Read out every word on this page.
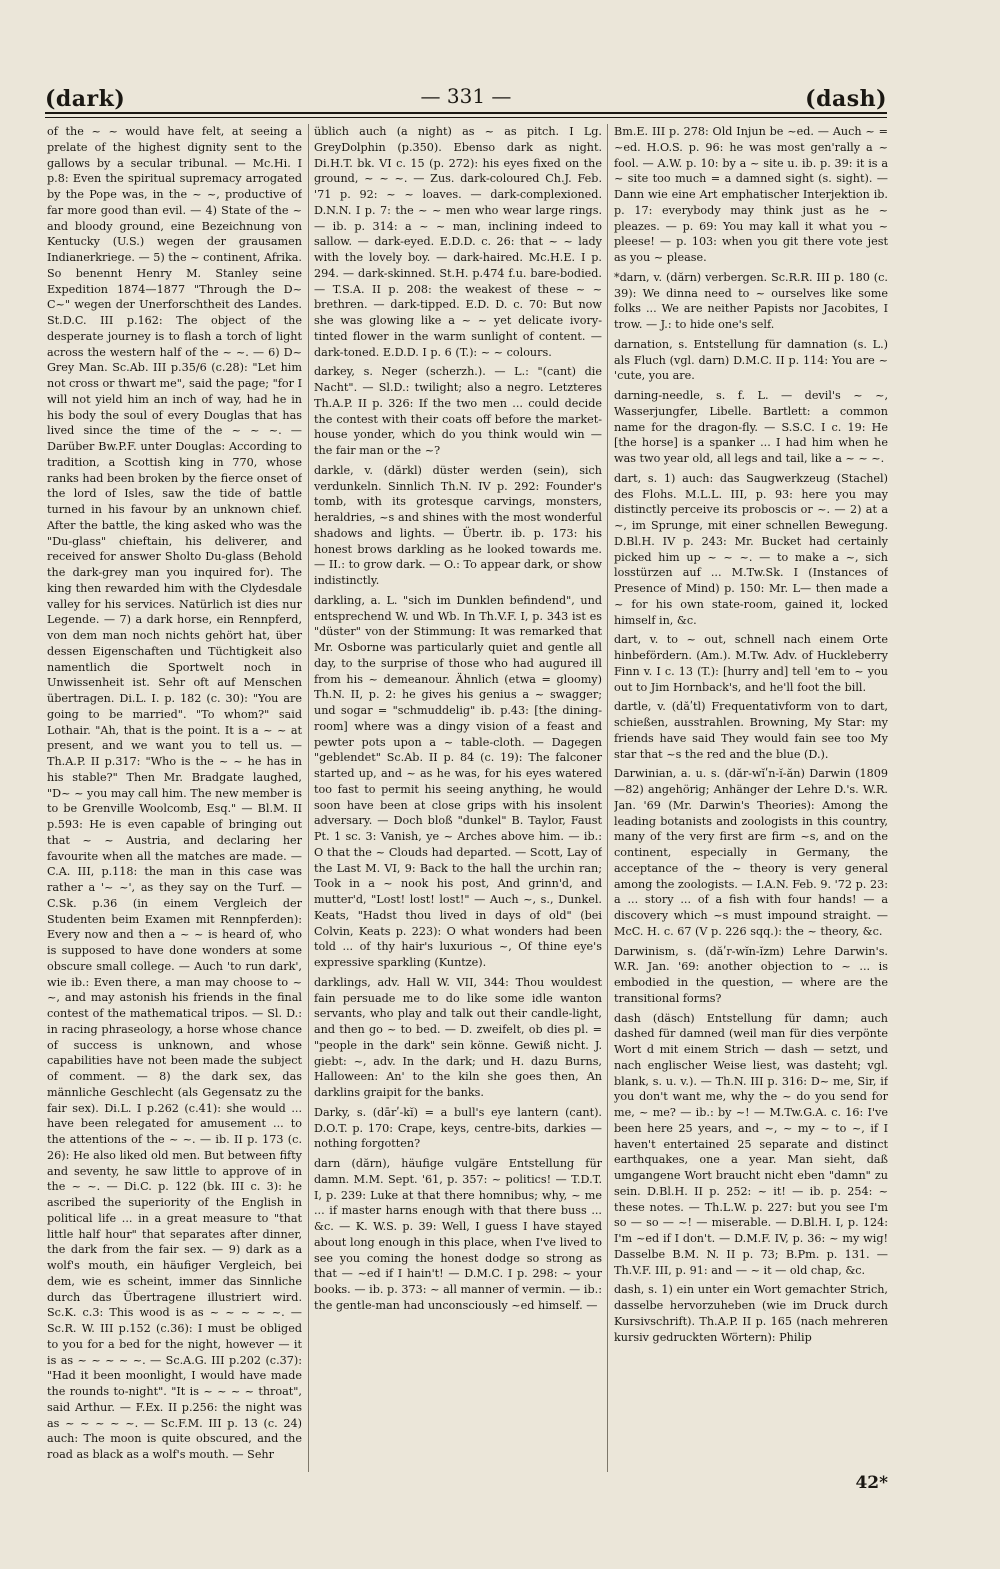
(dark)	— 331 —	(dash)

of the ~ ~ would have felt, at seeing a prelate of the highest dignity sent to the gallows by a secular tribunal. — Mc.Hi. I p.8: Even the spiritual supremacy arrogated by the Pope was, in the ~ ~, productive of far more good than evil. — 4) State of the ~ and bloody ground, eine Bezeichnung von Kentucky (U.S.) wegen der grausamen Indianerkriege. — 5) the ~ continent, Afrika. So benennt Henry M. Stanley seine Expedition 1874—1877 "Through the D~ C~" wegen der Unerforschtheit des Landes. St.D.C. III p.162: The object of the desperate journey is to flash a torch of light across the western half of the ~ ~. — 6) D~ Grey Man. Sc.Ab. III p.35/6 (c.28): "Let him not cross or thwart me", said the page; "for I will not yield him an inch of way, had he in his body the soul of every Douglas that has lived since the time of the ~ ~ ~. — Darüber Bw.P.F. unter Douglas: According to tradition, a Scottish king in 770, whose ranks had been broken by the fierce onset of the lord of Isles, saw the tide of battle turned in his favour by an unknown chief. After the battle, the king asked who was the "Du-glass" chieftain, his deliverer, and received for answer Sholto Du-glass (Behold the dark-grey man you inquired for). The king then rewarded him with the Clydesdale valley for his services. Natürlich ist dies nur Legende. — 7) a dark horse, ein Rennpferd, von dem man noch nichts gehört hat, über dessen Eigenschaften und Tüchtigkeit also namentlich die Sportwelt noch in Unwissenheit ist. Sehr oft auf Menschen übertragen. Di.L. I. p. 182 (c. 30): "You are going to be married". "To whom?" said Lothair. "Ah, that is the point. It is a ~ ~ at present, and we want you to tell us. — Th.A.P. II p.317: "Who is the ~ ~ he has in his stable?" Then Mr. Bradgate laughed, "D~ ~ you may call him. The new member is to be Grenville Woolcomb, Esq." — Bl.M. II p.593: He is even capable of bringing out that ~ ~ Austria, and declaring her favourite when all the matches are made. — C.A. III, p.118: the man in this case was rather a '~ ~', as they say on the Turf. — C.Sk. p.36 (in einem Vergleich der Studenten beim Examen mit Rennpferden): Every now and then a ~ ~ is heard of, who is supposed to have done wonders at some obscure small college. — Auch 'to run dark', wie ib.: Even there, a man may choose to ~ ~, and may astonish his friends in the final contest of the mathematical tripos. — Sl. D.: in racing phraseology, a horse whose chance of success is unknown, and whose capabilities have not been made the subject of comment. — 8) the dark sex, das männliche Geschlecht (als Gegensatz zu the fair sex). Di.L. I p.262 (c.41): she would ... have been relegated for amusement ... to the attentions of the ~ ~. — ib. II p. 173 (c. 26): He also liked old men. But between fifty and seventy, he saw little to approve of in the ~ ~. — Di.C. p. 122 (bk. III c. 3): he ascribed the superiority of the English in political life ... in a great measure to "that little half hour" that separates after dinner, the dark from the fair sex. — 9) dark as a wolf's mouth, ein häufiger Vergleich, bei dem, wie es scheint, immer das Sinnliche durch das Übertragene illustriert wird. Sc.K. c.3: This wood is as ~ ~ ~ ~ ~. — Sc.R. W. III p.152 (c.36): I must be obliged to you for a bed for the night, however — it is as ~ ~ ~ ~ ~. — Sc.A.G. III p.202 (c.37): "Had it been moonlight, I would have made the rounds to-night". "It is ~ ~ ~ ~ throat", said Arthur. — F.Ex. II p.256: the night was as ~ ~ ~ ~ ~. — Sc.F.M. III p. 13 (c. 24) auch: The moon is quite obscured, and the road as black as a wolf's mouth. — Sehr

üblich auch (a night) as ~ as pitch. I Lg. GreyDolphin (p.350). Ebenso dark as night. Di.H.T. bk. VI c. 15 (p. 272): his eyes fixed on the ground, ~ ~ ~. — Zus. dark-coloured Ch.J. Feb. '71 p. 92: ~ ~ loaves. — dark-complexioned. D.N.N. I p. 7: the ~ ~ men who wear large rings. — ib. p. 314: a ~ ~ man, inclining indeed to sallow. — dark-eyed. E.D.D. c. 26: that ~ ~ lady with the lovely boy. — dark-haired. Mc.H.E. I p. 294. — dark-skinned. St.H. p.474 f.u. bare-bodied. — T.S.A. II p. 208: the weakest of these ~ ~ brethren. — dark-tipped. E.D. D. c. 70: But now she was glowing like a ~ ~ yet delicate ivory-tinted flower in the warm sunlight of content. — dark-toned. E.D.D. I p. 6 (T.): ~ ~ colours.

darkey, s. Neger (scherzh.). — L.: "(cant) die Nacht". — Sl.D.: twilight; also a negro. Letzteres Th.A.P. II p. 326: If the two men ... could decide the contest with their coats off before the market-house yonder, which do you think would win — the fair man or the ~?

darkle, v. (dărkl) düster werden (sein), sich verdunkeln. Sinnlich Th.N. IV p. 292: Founder's tomb, with its grotesque carvings, monsters, heraldries, ~s and shines with the most wonderful shadows and lights. — Übertr. ib. p. 173: his honest brows darkling as he looked towards me. — II.: to grow dark. — O.: To appear dark, or show indistinctly.

darkling, a. L. "sich im Dunklen befindend", und entsprechend W. und Wb. In Th.V.F. I, p. 343 ist es "düster" von der Stimmung: It was remarked that Mr. Osborne was particularly quiet and gentle all day, to the surprise of those who had augured ill from his ~ demeanour. Ähnlich (etwa = gloomy) Th.N. II, p. 2: he gives his genius a ~ swagger; und sogar = "schmuddelig" ib. p.43: [the dining-room] where was a dingy vision of a feast and pewter pots upon a ~ table-cloth. — Dagegen "geblendet" Sc.Ab. II p. 84 (c. 19): The falconer started up, and ~ as he was, for his eyes watered too fast to permit his seeing anything, he would soon have been at close grips with his insolent adversary. — Doch bloß "dunkel" B. Taylor, Faust Pt. 1 sc. 3: Vanish, ye ~ Arches above him. — ib.: O that the ~ Clouds had departed. — Scott, Lay of the Last M. VI, 9: Back to the hall the urchin ran; Took in a ~ nook his post, And grinn'd, and mutter'd, "Lost! lost! lost!" — Auch ~, s., Dunkel. Keats, "Hadst thou lived in days of old" (bei Colvin, Keats p. 223): O what wonders had been told ... of thy hair's luxurious ~, Of thine eye's expressive sparkling (Kuntze).

darklings, adv. Hall W. VII, 344: Thou wouldest fain persuade me to do like some idle wanton servants, who play and talk out their candle-light, and then go ~ to bed. — D. zweifelt, ob dies pl. = "people in the dark" sein könne. Gewiß nicht. J. giebt: ~, adv. In the dark; und H. dazu Burns, Halloween: An' to the kiln she goes then, An darklins graipit for the banks.

Darky, s. (dārʹ-kĭ) = a bull's eye lantern (cant). D.O.T. p. 170: Crape, keys, centre-bits, darkies — nothing forgotten?

darn (dărn), häufige vulgäre Entstellung für damn. M.M. Sept. '61, p. 357: ~ politics! — T.D.T. I, p. 239: Luke at that there homnibus; why, ~ me ... if master harns enough with that there buss ... &c. — K. W.S. p. 39: Well, I guess I have stayed about long enough in this place, when I've lived to see you coming the honest dodge so strong as that — ~ed if I hain't! — D.M.C. I p. 298: ~ your books. — ib. p. 373: ~ all manner of vermin. — ib.: the gentle-man had unconsciously ~ed himself. —

Bm.E. III p. 278: Old Injun be ~ed. — Auch ~ = ~ed. H.O.S. p. 96: he was most gen'rally a ~ fool. — A.W. p. 10: by a ~ site u. ib. p. 39: it is a ~ site too much = a damned sight (s. sight). — Dann wie eine Art emphatischer Interjektion ib. p. 17: everybody may think just as he ~ pleazes. — p. 69: You may kall it what you ~ pleese! — p. 103: when you git there vote jest as you ~ please.

*darn, v. (dărn) verbergen. Sc.R.R. III p. 180 (c. 39): We dinna need to ~ ourselves like some folks ... We are neither Papists nor Jacobites, I trow. — J.: to hide one's self.

darnation, s. Entstellung für damnation (s. L.) als Fluch (vgl. darn) D.M.C. II p. 114: You are ~ 'cute, you are.

darning-needle, s. f. L. — devil's ~ ~, Wasserjungfer, Libelle. Bartlett: a common name for the dragon-fly. — S.S.C. I c. 19: He [the horse] is a spanker ... I had him when he was two year old, all legs and tail, like a ~ ~ ~.

dart, s. 1) auch: das Saugwerkzeug (Stachel) des Flohs. M.L.L. III, p. 93: here you may distinctly perceive its proboscis or ~. — 2) at a ~, im Sprunge, mit einer schnellen Bewegung. D.Bl.H. IV p. 243: Mr. Bucket had certainly picked him up ~ ~ ~. — to make a ~, sich losstürzen auf ... M.Tw.Sk. I (Instances of Presence of Mind) p. 150: Mr. L— then made a ~ for his own state-room, gained it, locked himself in, &c.

dart, v. to ~ out, schnell nach einem Orte hinbefördern. (Am.). M.Tw. Adv. of Huckleberry Finn v. I c. 13 (T.): [hurry and] tell 'em to ~ you out to Jim Hornback's, and he'll foot the bill.

dartle, v. (dăʹtl) Frequentativform von to dart, schießen, ausstrahlen. Browning, My Star: my friends have said They would fain see too My star that ~s the red and the blue (D.).

Darwinian, a. u. s. (dăr-wĭʹn-ĭ-ăn) Darwin (1809—82) angehörig; Anhänger der Lehre D.'s. W.R. Jan. '69 (Mr. Darwin's Theories): Among the leading botanists and zoologists in this country, many of the very first are firm ~s, and on the continent, especially in Germany, the acceptance of the ~ theory is very general among the zoologists. — I.A.N. Feb. 9. '72 p. 23: a ... story ... of a fish with four hands! — a discovery which ~s must impound straight. — McC. H. c. 67 (V p. 226 sqq.): the ~ theory, &c.

Darwinism, s. (dăʹr-wĭn-ĭzm) Lehre Darwin's. W.R. Jan. '69: another objection to ~ ... is embodied in the question, — where are the transitional forms?

dash (däsch) Entstellung für damn; auch dashed für damned (weil man für dies verpönte Wort d mit einem Strich — dash — setzt, und nach englischer Weise liest, was dasteht; vgl. blank, s. u. v.). — Th.N. III p. 316: D~ me, Sir, if you don't want me, why the ~ do you send for me, ~ me? — ib.: by ~! — M.Tw.G.A. c. 16: I've been here 25 years, and ~, ~ my ~ to ~, if I haven't entertained 25 separate and distinct earthquakes, one a year. Man sieht, daß umgangene Wort braucht nicht eben "damn" zu sein. D.Bl.H. II p. 252: ~ it! — ib. p. 254: ~ these notes. — Th.L.W. p. 227: but you see I'm so — so — ~! — miserable. — D.Bl.H. I, p. 124: I'm ~ed if I don't. — D.M.F. IV, p. 36: ~ my wig! Dasselbe B.M. N. II p. 73; B.Pm. p. 131. — Th.V.F. III, p. 91: and — ~ it — old chap, &c.

dash, s. 1) ein unter ein Wort gemachter Strich, dasselbe hervorzuheben (wie im Druck durch Kursivschrift). Th.A.P. II p. 165 (nach mehreren kursiv gedruckten Wörtern): Philip

42*
